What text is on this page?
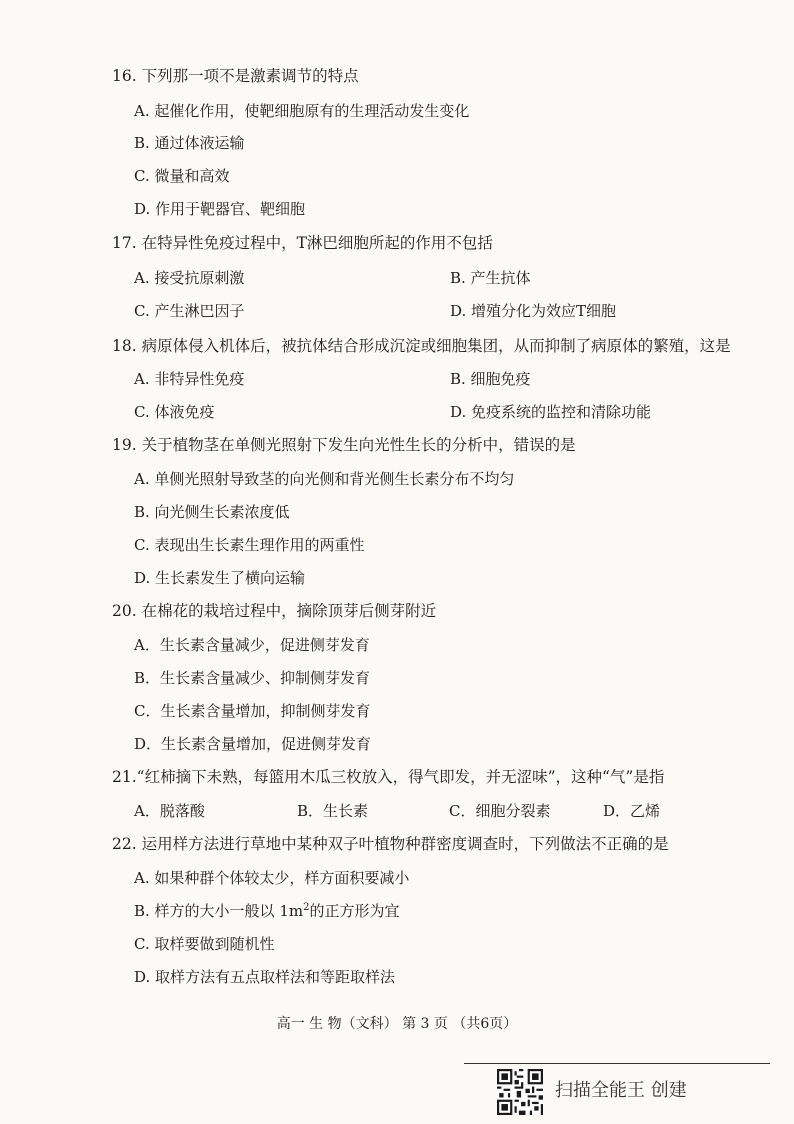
16. 下列那一项不是激素调节的特点
A. 起催化作用，使靶细胞原有的生理活动发生变化
B. 通过体液运输
C. 微量和高效
D. 作用于靶器官、靶细胞
17. 在特异性免疫过程中，T淋巴细胞所起的作用不包括
A. 接受抗原刺激	B. 产生抗体
C. 产生淋巴因子	D. 增殖分化为效应T细胞
18. 病原体侵入机体后，被抗体结合形成沉淀或细胞集团，从而抑制了病原体的繁殖，这是
A. 非特异性免疫	B. 细胞免疫
C. 体液免疫	D. 免疫系统的监控和清除功能
19. 关于植物茎在单侧光照射下发生向光性生长的分析中，错误的是
A. 单侧光照射导致茎的向光侧和背光侧生长素分布不均匀
B. 向光侧生长素浓度低
C. 表现出生长素生理作用的两重性
D. 生长素发生了横向运输
20. 在棉花的栽培过程中，摘除顶芽后侧芽附近
A．生长素含量减少，促进侧芽发育
B．生长素含量减少、抑制侧芽发育
C．生长素含量增加，抑制侧芽发育
D．生长素含量增加，促进侧芽发育
21.“红柿摘下未熟，每篮用木瓜三枚放入，得气即发，并无涩味”，这种“气”是指
A．脱落酸	B．生长素	C．细胞分裂素	D．乙烯
22. 运用样方法进行草地中某种双子叶植物种群密度调查时，下列做法不正确的是
A. 如果种群个体较太少，样方面积要减小
B. 样方的大小一般以 $1m^2$的正方形为宜
C. 取样要做到随机性
D. 取样方法有五点取样法和等距取样法
高一 生 物（文科） 第 3 页 （共6页）
扫描全能王 创建
